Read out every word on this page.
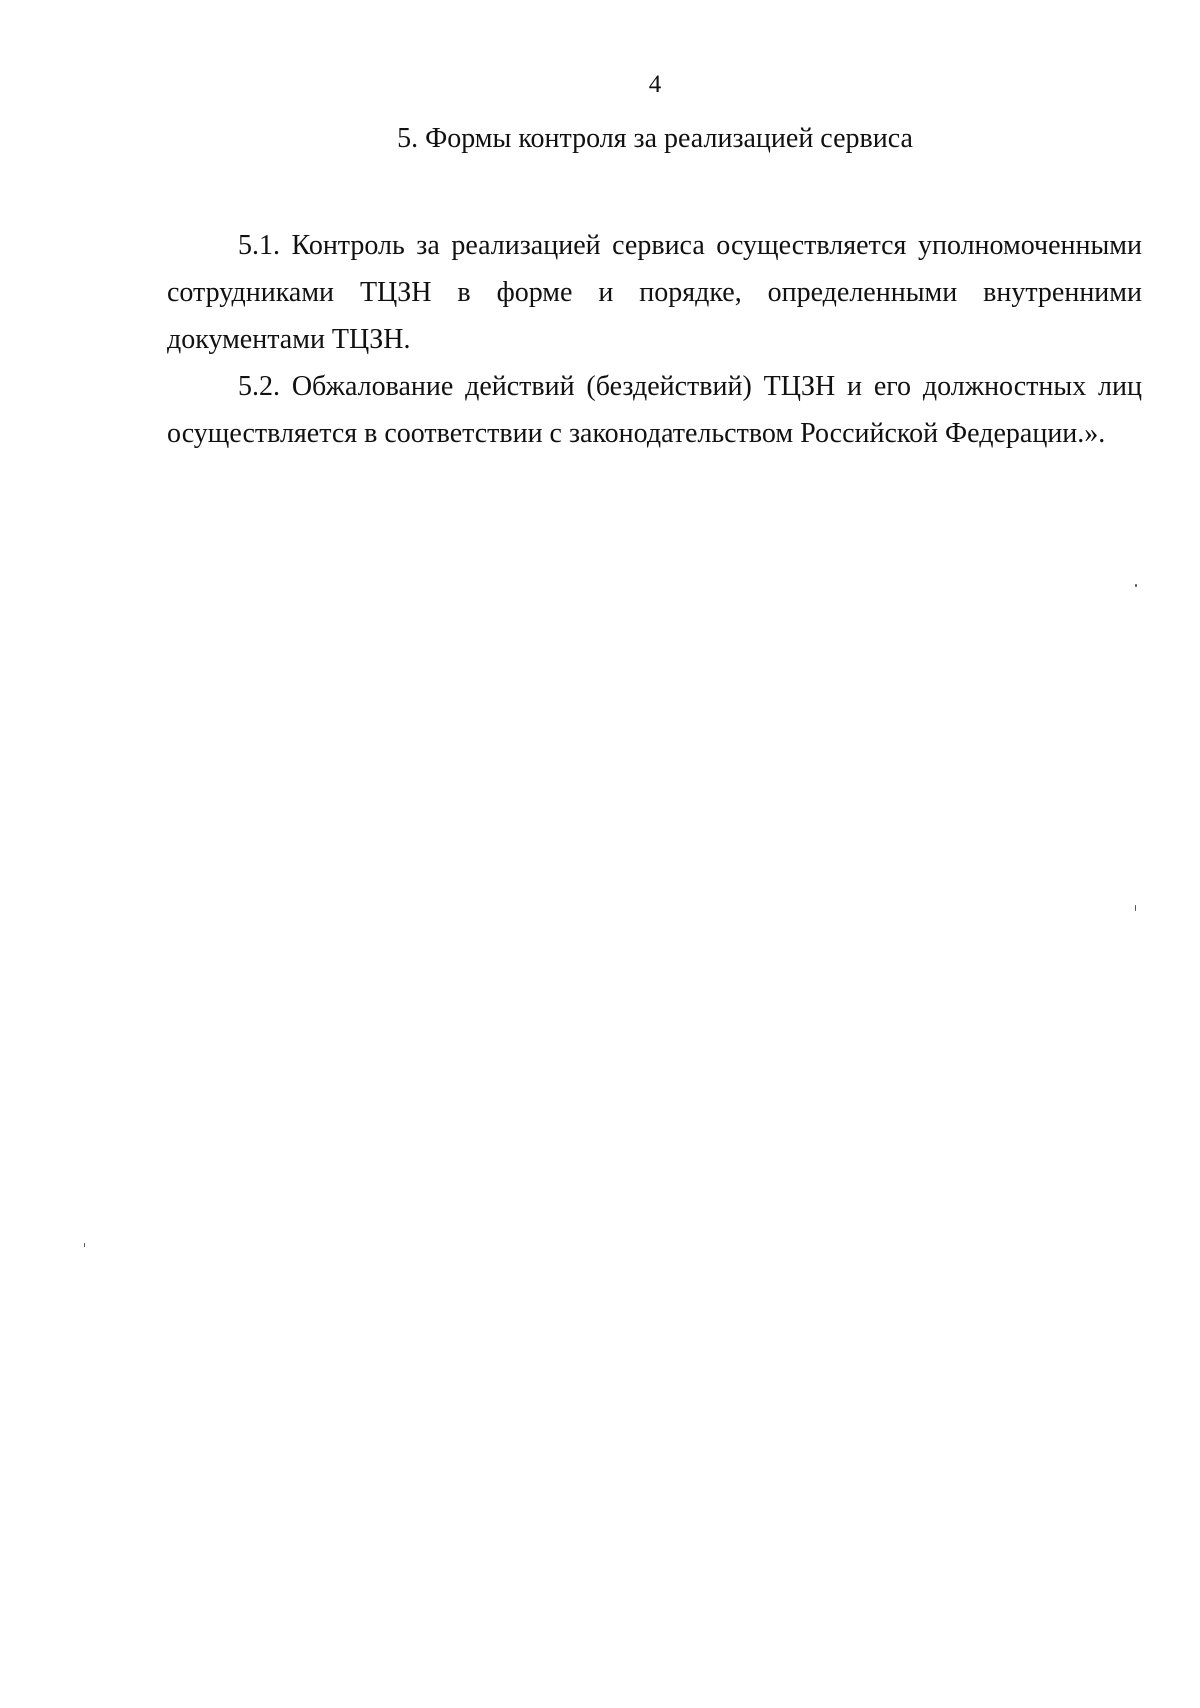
4
5. Формы контроля за реализацией сервиса

5.1. Контроль за реализацией сервиса осуществляется уполномоченными сотрудниками ТЦЗН в форме и порядке, определенными внутренними документами ТЦЗН.

5.2. Обжалование действий (бездействий) ТЦЗН и его должностных лиц осуществляется в соответствии с законодательством Российской Федерации.».
